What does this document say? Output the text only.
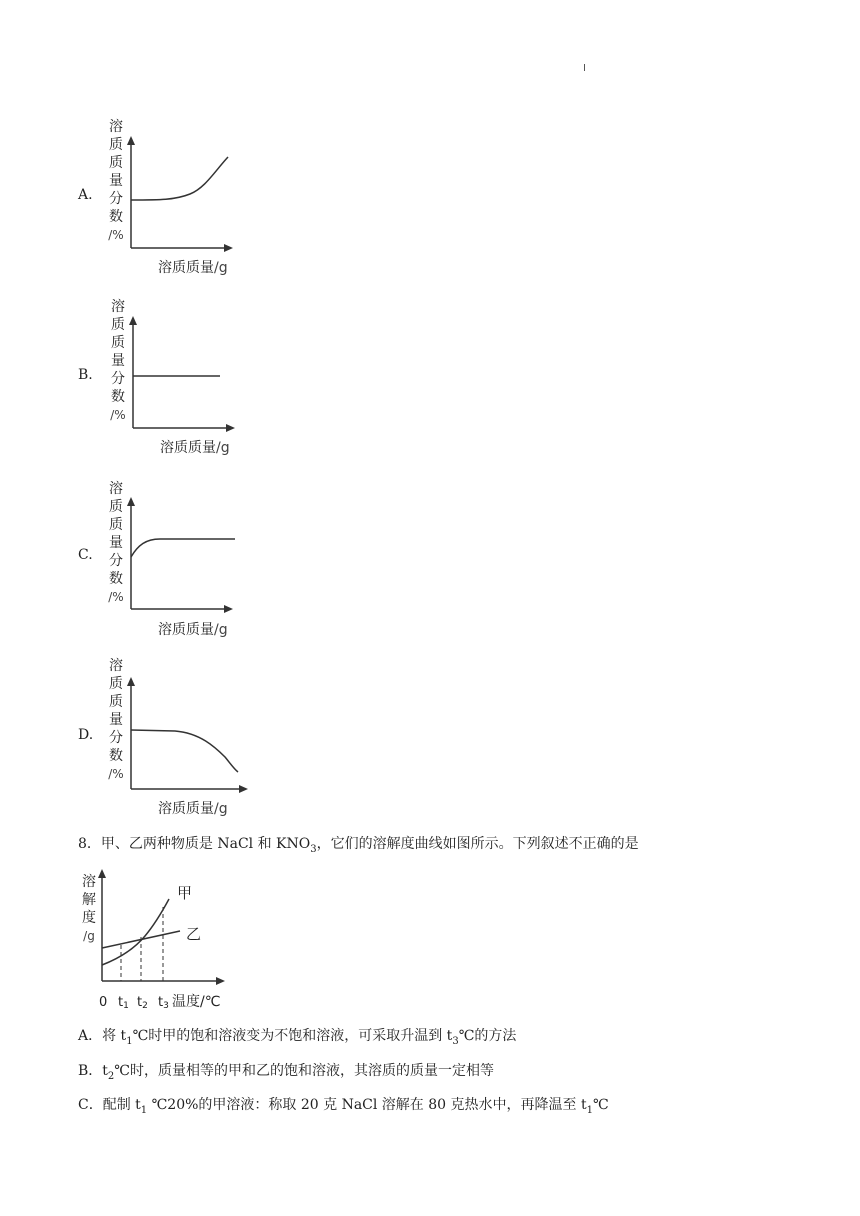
A.
溶
质
质
量
分
数
/%
溶质质量/g
B.
溶
质
质
量
分
数
/%
溶质质量/g
C.
溶
质
质
量
分
数
/%
溶质质量/g
D.
溶
质
质
量
分
数
/%
溶质质量/g
8．甲、乙两种物质是 NaCl 和 $KNO_3$，它们的溶解度曲线如图所示。下列叙述不正确的是
溶
解
度
/g
甲
乙
0 t1 t2 t3 温度/℃
A．将 $t_1℃$时甲的饱和溶液变为不饱和溶液，可采取升温到 $t_3℃$的方法
B．$t_2℃$时，质量相等的甲和乙的饱和溶液，其溶质的质量一定相等
C．配制 $t_1$ ℃20%的甲溶液：称取 20 克 NaCl 溶解在 80 克热水中，再降温至 $t_1℃$
